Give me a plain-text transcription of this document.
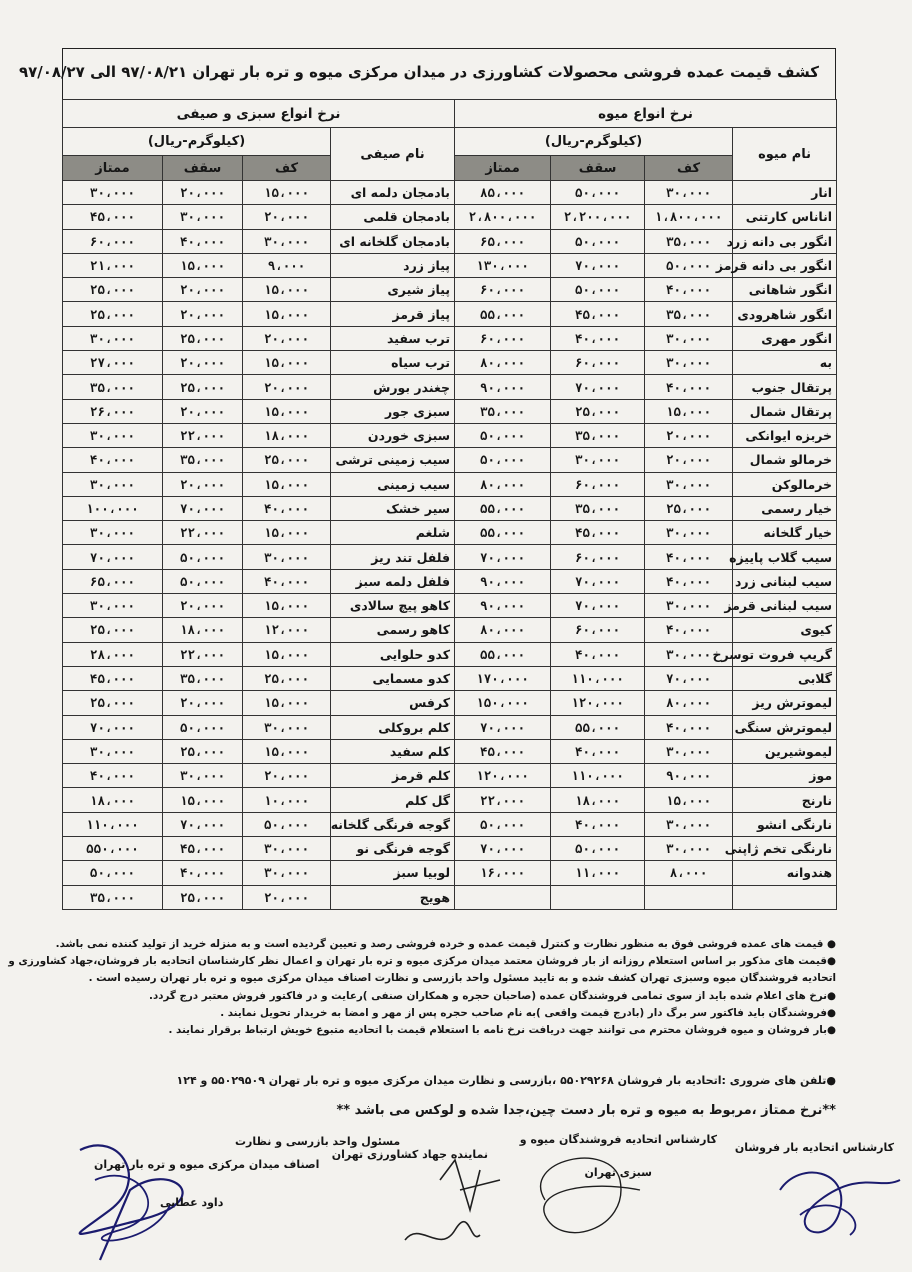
کشف قیمت عمده فروشی محصولات کشاورزی در میدان مرکزی میوه و تره بار تهران ۹۷/۰۸/۲۱ الی ۹۷/۰۸/۲۷
نرخ انواع میوه				نرخ انواع سبزی و صیفی			
نام میوه	(کیلوگرم-ریال)			نام صیفی	(کیلوگرم-ریال)		
	کف	سقف	ممتاز		کف	سقف	ممتاز
انار	۳۰،۰۰۰	۵۰،۰۰۰	۸۵،۰۰۰	بادمجان دلمه ای	۱۵،۰۰۰	۲۰،۰۰۰	۳۰،۰۰۰
اناناس کارتنی	۱،۸۰۰،۰۰۰	۲،۲۰۰،۰۰۰	۲،۸۰۰،۰۰۰	بادمجان قلمی	۲۰،۰۰۰	۳۰،۰۰۰	۴۵،۰۰۰
انگور بی دانه زرد	۳۵،۰۰۰	۵۰،۰۰۰	۶۵،۰۰۰	بادمجان گلخانه ای	۳۰،۰۰۰	۴۰،۰۰۰	۶۰،۰۰۰
انگور بی دانه قرمز	۵۰،۰۰۰	۷۰،۰۰۰	۱۳۰،۰۰۰	پیاز زرد	۹،۰۰۰	۱۵،۰۰۰	۲۱،۰۰۰
انگور شاهانی	۴۰،۰۰۰	۵۰،۰۰۰	۶۰،۰۰۰	پیاز شیری	۱۵،۰۰۰	۲۰،۰۰۰	۲۵،۰۰۰
انگور شاهرودی	۳۵،۰۰۰	۴۵،۰۰۰	۵۵،۰۰۰	پیاز قرمز	۱۵،۰۰۰	۲۰،۰۰۰	۲۵،۰۰۰
انگور مهری	۳۰،۰۰۰	۴۰،۰۰۰	۶۰،۰۰۰	ترب سفید	۲۰،۰۰۰	۲۵،۰۰۰	۳۰،۰۰۰
به	۳۰،۰۰۰	۶۰،۰۰۰	۸۰،۰۰۰	ترب سیاه	۱۵،۰۰۰	۲۰،۰۰۰	۲۷،۰۰۰
پرتقال جنوب	۴۰،۰۰۰	۷۰،۰۰۰	۹۰،۰۰۰	چغندر بورش	۲۰،۰۰۰	۲۵،۰۰۰	۳۵،۰۰۰
پرتقال شمال	۱۵،۰۰۰	۲۵،۰۰۰	۳۵،۰۰۰	سبزی جور	۱۵،۰۰۰	۲۰،۰۰۰	۲۶،۰۰۰
خربزه ایوانکی	۲۰،۰۰۰	۳۵،۰۰۰	۵۰،۰۰۰	سبزی خوردن	۱۸،۰۰۰	۲۲،۰۰۰	۳۰،۰۰۰
خرمالو شمال	۲۰،۰۰۰	۳۰،۰۰۰	۵۰،۰۰۰	سیب زمینی ترشی	۲۵،۰۰۰	۳۵،۰۰۰	۴۰،۰۰۰
خرمالوکن	۳۰،۰۰۰	۶۰،۰۰۰	۸۰،۰۰۰	سیب زمینی	۱۵،۰۰۰	۲۰،۰۰۰	۳۰،۰۰۰
خیار رسمی	۲۵،۰۰۰	۳۵،۰۰۰	۵۵،۰۰۰	سیر خشک	۴۰،۰۰۰	۷۰،۰۰۰	۱۰۰،۰۰۰
خیار گلخانه	۳۰،۰۰۰	۴۵،۰۰۰	۵۵،۰۰۰	شلغم	۱۵،۰۰۰	۲۲،۰۰۰	۳۰،۰۰۰
سیب گلاب پاییزه	۴۰،۰۰۰	۶۰،۰۰۰	۷۰،۰۰۰	فلفل تند ریز	۳۰،۰۰۰	۵۰،۰۰۰	۷۰،۰۰۰
سیب لبنانی زرد	۴۰،۰۰۰	۷۰،۰۰۰	۹۰،۰۰۰	فلفل دلمه سبز	۴۰،۰۰۰	۵۰،۰۰۰	۶۵،۰۰۰
سیب لبنانی قرمز	۳۰،۰۰۰	۷۰،۰۰۰	۹۰،۰۰۰	کاهو پیچ سالادی	۱۵،۰۰۰	۲۰،۰۰۰	۳۰،۰۰۰
کیوی	۴۰،۰۰۰	۶۰،۰۰۰	۸۰،۰۰۰	کاهو رسمی	۱۲،۰۰۰	۱۸،۰۰۰	۲۵،۰۰۰
گریپ فروت توسرخ	۳۰،۰۰۰	۴۰،۰۰۰	۵۵،۰۰۰	کدو حلوایی	۱۵،۰۰۰	۲۲،۰۰۰	۲۸،۰۰۰
گلابی	۷۰،۰۰۰	۱۱۰،۰۰۰	۱۷۰،۰۰۰	کدو مسمایی	۲۵،۰۰۰	۳۵،۰۰۰	۴۵،۰۰۰
لیموترش ریز	۸۰،۰۰۰	۱۲۰،۰۰۰	۱۵۰،۰۰۰	کرفس	۱۵،۰۰۰	۲۰،۰۰۰	۲۵،۰۰۰
لیموترش سنگی	۴۰،۰۰۰	۵۵،۰۰۰	۷۰،۰۰۰	کلم بروکلی	۳۰،۰۰۰	۵۰،۰۰۰	۷۰،۰۰۰
لیموشیرین	۳۰،۰۰۰	۴۰،۰۰۰	۴۵،۰۰۰	کلم سفید	۱۵،۰۰۰	۲۵،۰۰۰	۳۰،۰۰۰
موز	۹۰،۰۰۰	۱۱۰،۰۰۰	۱۲۰،۰۰۰	کلم قرمز	۲۰،۰۰۰	۳۰،۰۰۰	۴۰،۰۰۰
نارنج	۱۵،۰۰۰	۱۸،۰۰۰	۲۲،۰۰۰	گل کلم	۱۰،۰۰۰	۱۵،۰۰۰	۱۸،۰۰۰
نارنگی انشو	۳۰،۰۰۰	۴۰،۰۰۰	۵۰،۰۰۰	گوجه فرنگی گلخانه	۵۰،۰۰۰	۷۰،۰۰۰	۱۱۰،۰۰۰
نارنگی تخم ژاپنی	۳۰،۰۰۰	۵۰،۰۰۰	۷۰،۰۰۰	گوجه فرنگی نو	۳۰،۰۰۰	۴۵،۰۰۰	۵۵۰،۰۰۰
هندوانه	۸،۰۰۰	۱۱،۰۰۰	۱۶،۰۰۰	لوبیا سبز	۳۰،۰۰۰	۴۰،۰۰۰	۵۰،۰۰۰
				هویج	۲۰،۰۰۰	۲۵،۰۰۰	۳۵،۰۰۰
● قیمت های عمده فروشی فوق به منظور نظارت و کنترل قیمت عمده و خرده فروشی رصد و تعیین گردیده است و به منزله خرید از تولید کننده نمی باشد.
●قیمت های مذکور بر اساس استعلام روزانه از بار فروشان معتمد میدان مرکزی میوه و تره بار تهران و اعمال نظر کارشناسان اتحادیه بار فروشان،جهاد کشاورزی و
اتحادیه فروشندگان میوه وسبزی تهران کشف شده و به تایید مسئول واحد بازرسی و نظارت اصناف میدان مرکزی میوه و تره بار تهران رسیده است .
●نرخ های اعلام شده باید از سوی تمامی فروشندگان عمده (صاحبان حجره و همکاران صنفی )رعایت و در فاکتور فروش معتبر درج گردد.
●فروشندگان باید فاکتور سر برگ دار (بادرج قیمت واقعی )به نام صاحب حجره پس از مهر و امضا به خریدار تحویل نمایند .
●بار فروشان و میوه فروشان محترم می توانند جهت دریافت نرخ نامه با استعلام قیمت با اتحادیه متبوع خویش ارتباط برقرار نمایند .
●تلفن های ضروری :اتحادیه بار فروشان ۵۵۰۲۹۲۶۸ ،بازرسی و نظارت میدان مرکزی میوه و تره بار تهران ۵۵۰۲۹۵۰۹ و ۱۲۴
**نرخ ممتاز ،مربوط به میوه و تره بار دست چین،جدا شده و لوکس می باشد **
کارشناس اتحادیه بار فروشان
کارشناس اتحادیه فروشندگان میوه و
سبزی تهران
نماینده جهاد کشاورزی تهران
مسئول واحد بازرسی و نظارت
اصناف میدان مرکزی میوه و تره بار تهران
داود عطایی
